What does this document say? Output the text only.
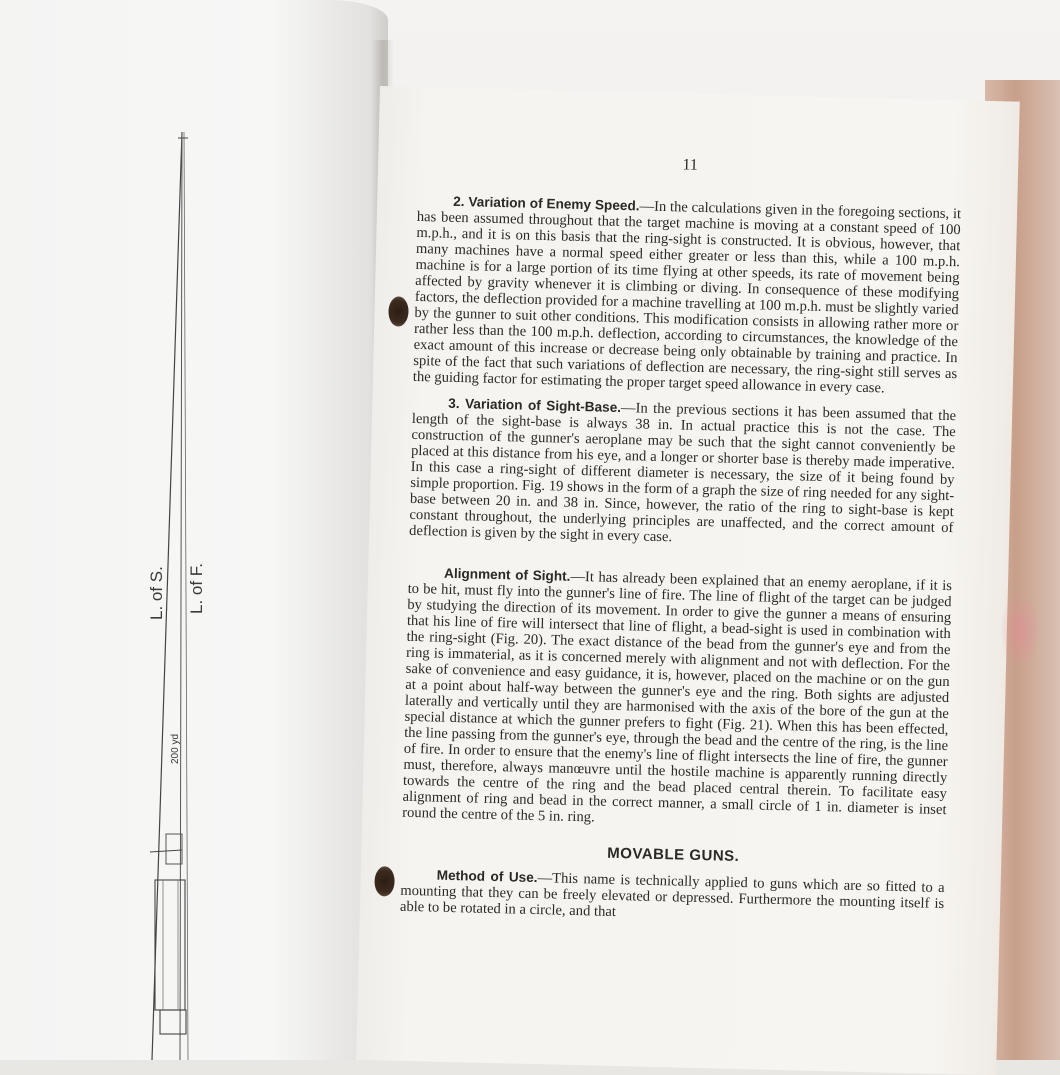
L. of S. L. of F.
200 yd
11

2. Variation of Enemy Speed.—In the calculations given in the foregoing sections, it has been assumed throughout that the target machine is moving at a constant speed of 100 m.p.h., and it is on this basis that the ring-sight is constructed. It is obvious, however, that many machines have a normal speed either greater or less than this, while a 100 m.p.h. machine is for a large portion of its time flying at other speeds, its rate of movement being affected by gravity whenever it is climbing or diving. In consequence of these modifying factors, the deflection provided for a machine travelling at 100 m.p.h. must be slightly varied by the gunner to suit other conditions. This modification consists in allowing rather more or rather less than the 100 m.p.h. deflection, according to circumstances, the knowledge of the exact amount of this increase or decrease being only obtainable by training and practice. In spite of the fact that such variations of deflection are necessary, the ring-sight still serves as the guiding factor for estimating the proper target speed allowance in every case.

3. Variation of Sight-Base.—In the previous sections it has been assumed that the length of the sight-base is always 38 in. In actual practice this is not the case. The construction of the gunner's aeroplane may be such that the sight cannot conveniently be placed at this distance from his eye, and a longer or shorter base is thereby made imperative. In this case a ring-sight of different diameter is necessary, the size of it being found by simple proportion. Fig. 19 shows in the form of a graph the size of ring needed for any sight-base between 20 in. and 38 in. Since, however, the ratio of the ring to sight-base is kept constant throughout, the underlying principles are unaffected, and the correct amount of deflection is given by the sight in every case.

Alignment of Sight.—It has already been explained that an enemy aeroplane, if it is to be hit, must fly into the gunner's line of fire. The line of flight of the target can be judged by studying the direction of its movement. In order to give the gunner a means of ensuring that his line of fire will intersect that line of flight, a bead-sight is used in combination with the ring-sight (Fig. 20). The exact distance of the bead from the gunner's eye and from the ring is immaterial, as it is concerned merely with alignment and not with deflection. For the sake of convenience and easy guidance, it is, however, placed on the machine or on the gun at a point about half-way between the gunner's eye and the ring. Both sights are adjusted laterally and vertically until they are harmonised with the axis of the bore of the gun at the special distance at which the gunner prefers to fight (Fig. 21). When this has been effected, the line passing from the gunner's eye, through the bead and the centre of the ring, is the line of fire. In order to ensure that the enemy's line of flight intersects the line of fire, the gunner must, therefore, always manœuvre until the hostile machine is apparently running directly towards the centre of the ring and the bead placed central therein. To facilitate easy alignment of ring and bead in the correct manner, a small circle of 1 in. diameter is inset round the centre of the 5 in. ring.

MOVABLE GUNS.

Method of Use.—This name is technically applied to guns which are so fitted to a mounting that they can be freely elevated or depressed. Furthermore the mounting itself is able to be rotated in a circle, and that
